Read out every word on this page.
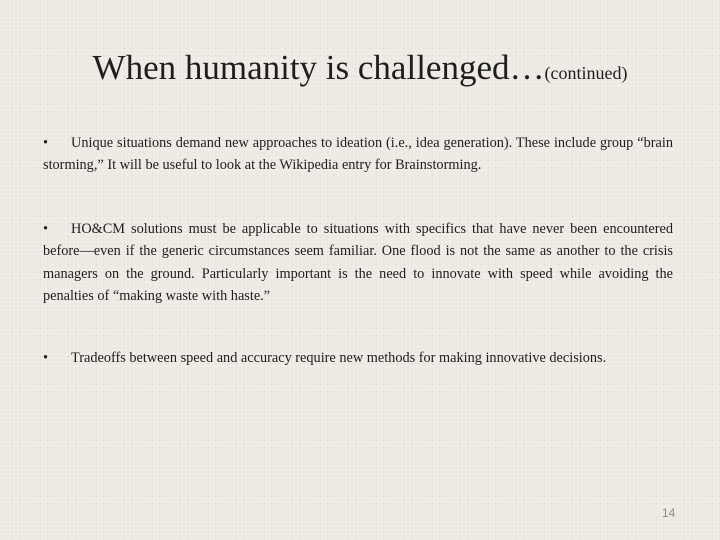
When humanity is challenged…(continued)
• Unique situations demand new approaches to ideation (i.e., idea generation). These include group “brain storming,” It will be useful to look at the Wikipedia entry for Brainstorming.
• HO&CM solutions must be applicable to situations with specifics that have never been encountered before—even if the generic circumstances seem familiar. One flood is not the same as another to the crisis managers on the ground. Particularly important is the need to innovate with speed while avoiding the penalties of “making waste with haste.”
• Tradeoffs between speed and accuracy require new methods for making innovative decisions.
14
